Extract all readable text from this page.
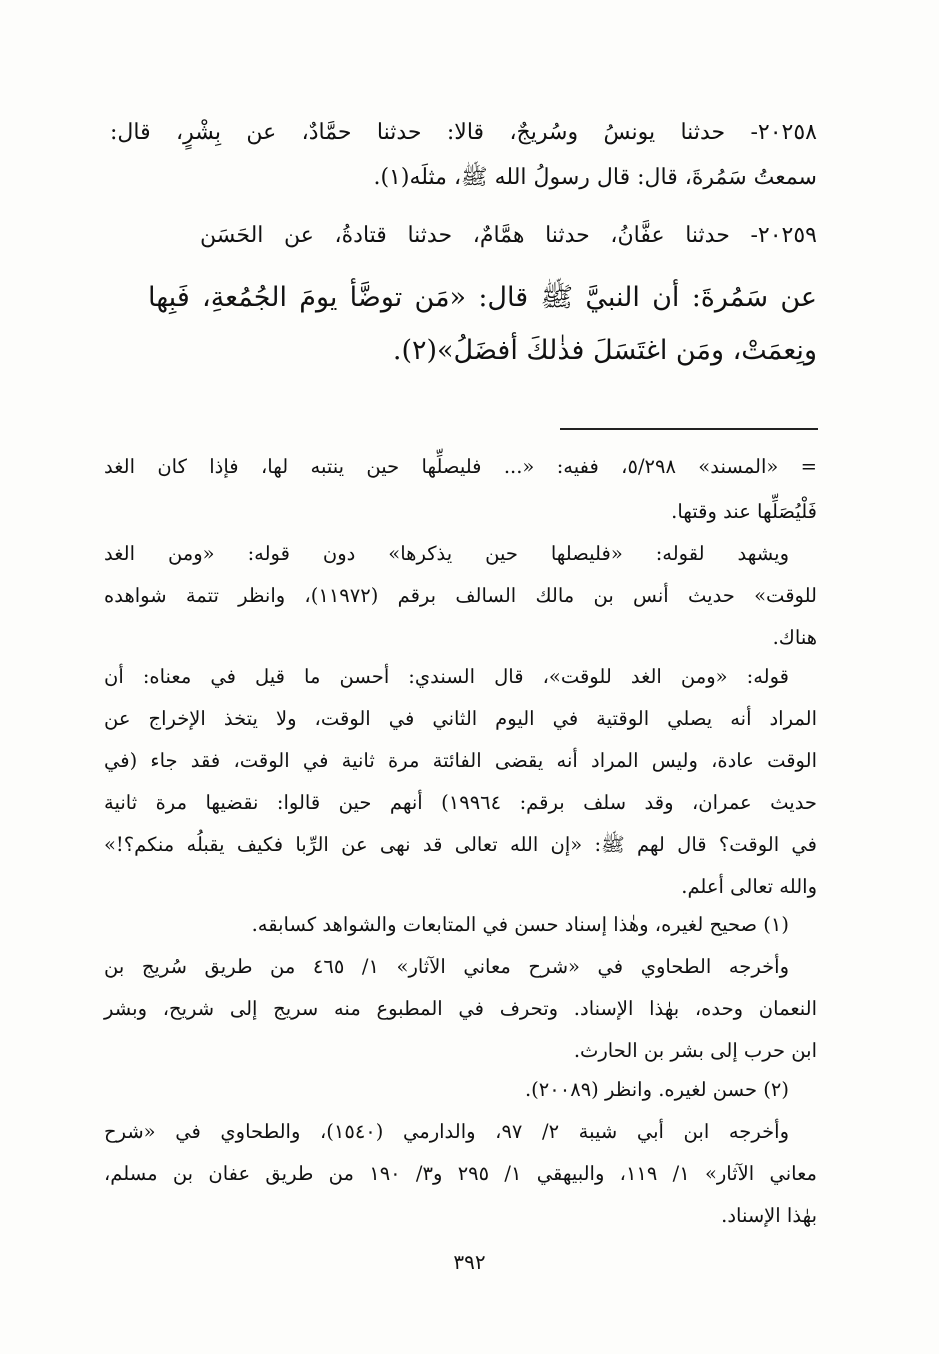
٢٠٢٥٨- حدثنا يونسُ وسُريجٌ، قالا: حدثنا حمَّادٌ، عن بِشْرٍ، قال:
سمعتُ سَمُرةَ، قال: قال رسولُ الله ﷺ، مثلَه(١).
٢٠٢٥٩- حدثنا عفَّانُ، حدثنا همَّامٌ، حدثنا قتادةُ، عن الحَسَن
عن سَمُرةَ: أن النبيَّ ﷺ قال: «مَن توضَّأ يومَ الجُمُعةِ، فَبِها
ونِعمَتْ، ومَن اغتَسَلَ فذٰلكَ أفضَلُ»(٢).
= «المسند» ٥/٢٩٨، ففيه: «... فليصلِّها حين ينتبه لها، فإذا كان الغد
فَلْيُصَلِّها عند وقتها.
ويشهد لقوله: «فليصلها حين يذكرها» دون قوله: «ومن الغد
للوقت» حديث أنس بن مالك السالف برقم (١١٩٧٢)، وانظر تتمة شواهده
هناك.
قوله: «ومن الغد للوقت»، قال السندي: أحسن ما قيل في معناه: أن
المراد أنه يصلي الوقتية في اليوم الثاني في الوقت، ولا يتخذ الإخراج عن
الوقت عادة، وليس المراد أنه يقضى الفائتة مرة ثانية في الوقت، فقد جاء (في
حديث عمران، وقد سلف برقم: ١٩٩٦٤) أنهم حين قالوا: نقضيها مرة ثانية
في الوقت؟ قال لهم ﷺ: «إن الله تعالى قد نهى عن الرِّبا فكيف يقبلُه منكم؟!»
والله تعالى أعلم.
(١) صحيح لغيره، وهٰذا إسناد حسن في المتابعات والشواهد كسابقه.
وأخرجه الطحاوي في «شرح معاني الآثار» ١/ ٤٦٥ من طريق سُريج بن
النعمان وحده، بهٰذا الإسناد. وتحرف في المطبوع منه سريج إلى شريح، وبشر
ابن حرب إلى بشر بن الحارث.
(٢) حسن لغيره. وانظر (٢٠٠٨٩).
وأخرجه ابن أبي شيبة ٢/ ٩٧، والدارمي (١٥٤٠)، والطحاوي في «شرح
معاني الآثار» ١/ ١١٩، والبيهقي ١/ ٢٩٥ و٣/ ١٩٠ من طريق عفان بن مسلم،
بهٰذا الإسناد.
٣٩٢
